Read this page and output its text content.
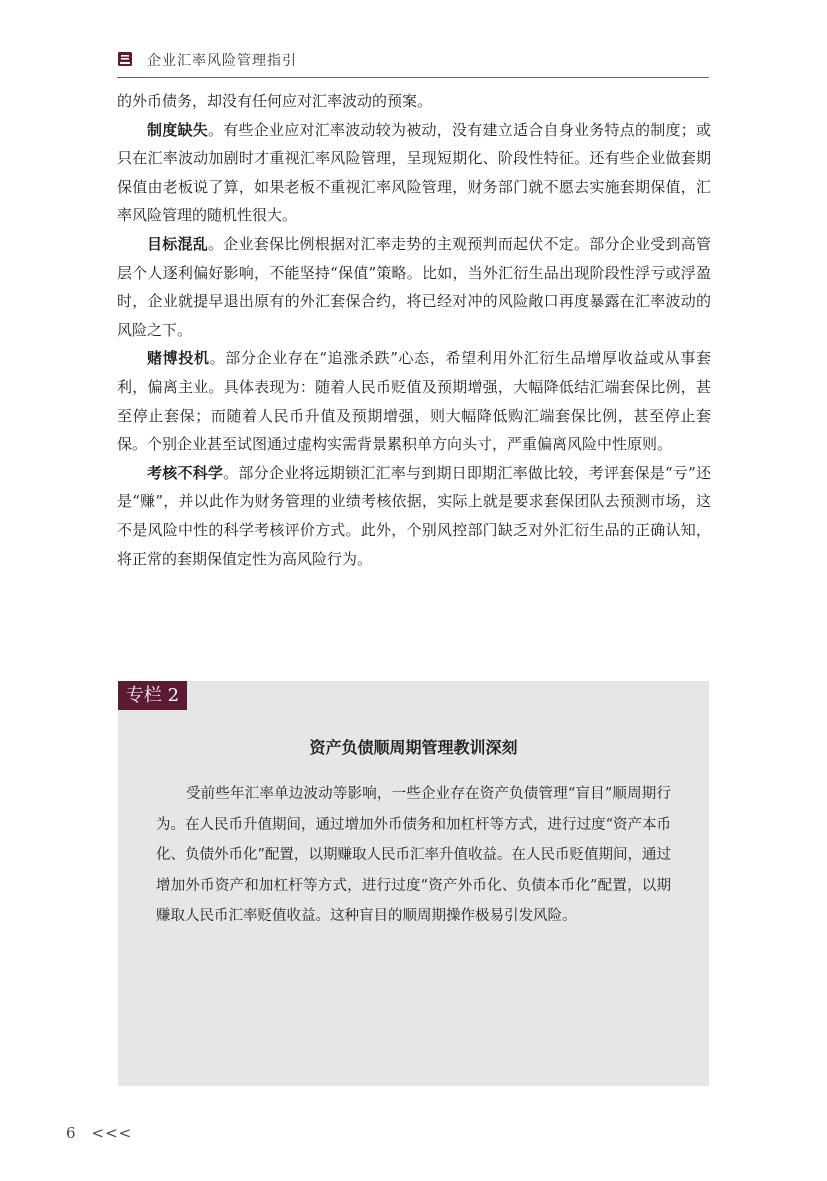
企业汇率风险管理指引

的外币债务，却没有任何应对汇率波动的预案。

制度缺失。有些企业应对汇率波动较为被动，没有建立适合自身业务特点的制度；或只在汇率波动加剧时才重视汇率风险管理，呈现短期化、阶段性特征。还有些企业做套期保值由老板说了算，如果老板不重视汇率风险管理，财务部门就不愿去实施套期保值，汇率风险管理的随机性很大。

目标混乱。企业套保比例根据对汇率走势的主观预判而起伏不定。部分企业受到高管层个人逐利偏好影响，不能坚持“保值”策略。比如，当外汇衍生品出现阶段性浮亏或浮盈时，企业就提早退出原有的外汇套保合约，将已经对冲的风险敞口再度暴露在汇率波动的风险之下。

赌博投机。部分企业存在“追涨杀跌”心态，希望利用外汇衍生品增厚收益或从事套利，偏离主业。具体表现为：随着人民币贬值及预期增强，大幅降低结汇端套保比例，甚至停止套保；而随着人民币升值及预期增强，则大幅降低购汇端套保比例，甚至停止套保。个别企业甚至试图通过虚构实需背景累积单方向头寸，严重偏离风险中性原则。

考核不科学。部分企业将远期锁汇汇率与到期日即期汇率做比较，考评套保是“亏”还是“赚”，并以此作为财务管理的业绩考核依据，实际上就是要求套保团队去预测市场，这不是风险中性的科学考核评价方式。此外，个别风控部门缺乏对外汇衍生品的正确认知，将正常的套期保值定性为高风险行为。

专栏 2
资产负债顺周期管理教训深刻

受前些年汇率单边波动等影响，一些企业存在资产负债管理“盲目”顺周期行为。在人民币升值期间，通过增加外币债务和加杠杆等方式，进行过度“资产本币化、负债外币化”配置，以期赚取人民币汇率升值收益。在人民币贬值期间，通过增加外币资产和加杠杆等方式，进行过度“资产外币化、负债本币化”配置，以期赚取人民币汇率贬值收益。这种盲目的顺周期操作极易引发风险。

6 <<<
